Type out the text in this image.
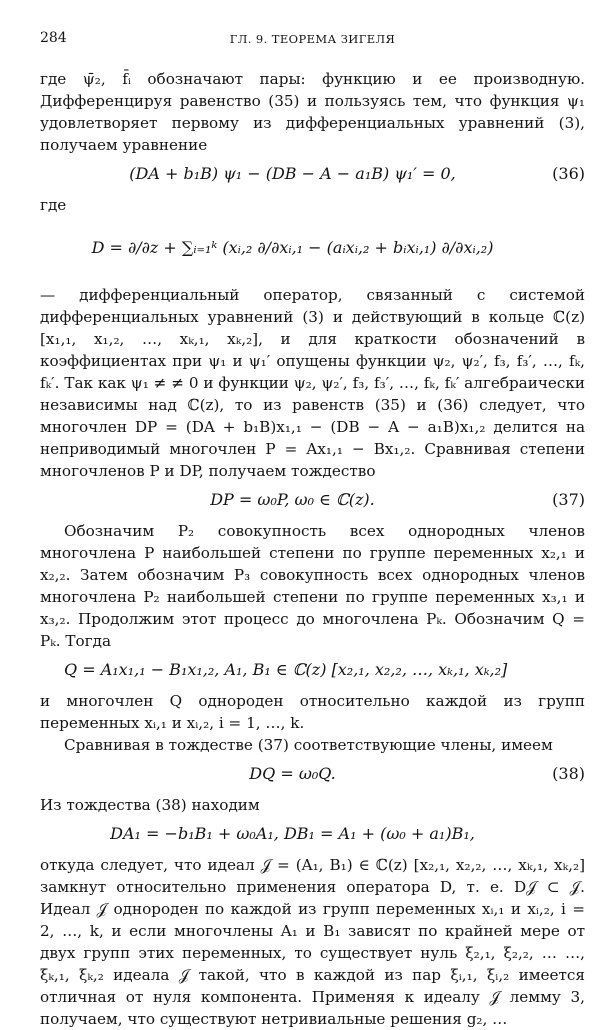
284	ГЛ. 9. ТЕОРЕМА ЗИГЕЛЯ

где ψ̄₂, f̄ᵢ обозначают пары: функцию и ее производную. Дифференцируя равенство (35) и пользуясь тем, что функция ψ₁ удовлетворяет первому из дифференциальных уравнений (3), получаем уравнение

(DA + b₁B) ψ₁ − (DB − A − a₁B) ψ₁′ = 0,	(36)

где

D = ∂/∂z + ∑ᵢ₌₁ᵏ (xᵢ,₂ ∂/∂xᵢ,₁ − (aᵢxᵢ,₂ + bᵢxᵢ,₁) ∂/∂xᵢ,₂)

— дифференциальный оператор, связанный с системой дифференциальных уравнений (3) и действующий в кольце ℂ(z) [x₁,₁, x₁,₂, …, xₖ,₁, xₖ,₂], и для краткости обозначений в коэффициентах при ψ₁ и ψ₁′ опущены функции ψ₂, ψ₂′, f₃, f₃′, …, fₖ, fₖ′. Так как ψ₁ ≠ ≠ 0 и функции ψ₂, ψ₂′, f₃, f₃′, …, fₖ, fₖ′ алгебраически независимы над ℂ(z), то из равенств (35) и (36) следует, что многочлен DP = (DA + b₁B)x₁,₁ − (DB − A − a₁B)x₁,₂ делится на неприводимый многочлен P = Ax₁,₁ − Bx₁,₂. Сравнивая степени многочленов P и DP, получаем тождество

DP = ω₀P, ω₀ ∈ ℂ(z).	(37)

Обозначим P₂ совокупность всех однородных членов многочлена P наибольшей степени по группе переменных x₂,₁ и x₂,₂. Затем обозначим P₃ совокупность всех однородных членов многочлена P₂ наибольшей степени по группе переменных x₃,₁ и x₃,₂. Продолжим этот процесс до многочлена Pₖ. Обозначим Q = Pₖ. Тогда

Q = A₁x₁,₁ − B₁x₁,₂, A₁, B₁ ∈ ℂ(z) [x₂,₁, x₂,₂, …, xₖ,₁, xₖ,₂]

и многочлен Q однороден относительно каждой из групп переменных xᵢ,₁ и xᵢ,₂, i = 1, …, k.

Сравнивая в тождестве (37) соответствующие члены, имеем

DQ = ω₀Q.	(38)

Из тождества (38) находим

DA₁ = −b₁B₁ + ω₀A₁, DB₁ = A₁ + (ω₀ + a₁)B₁,

откуда следует, что идеал 𝒥 = (A₁, B₁) ∈ ℂ(z) [x₂,₁, x₂,₂, …, xₖ,₁, xₖ,₂] замкнут относительно применения оператора D, т. е. D𝒥 ⊂ 𝒥. Идеал 𝒥 однороден по каждой из групп переменных xᵢ,₁ и xᵢ,₂, i = 2, …, k, и если многочлены A₁ и B₁ зависят по крайней мере от двух групп этих переменных, то существует нуль ξ₂,₁, ξ₂,₂, … …, ξₖ,₁, ξₖ,₂ идеала 𝒥 такой, что в каждой из пар ξᵢ,₁, ξᵢ,₂ имеется отличная от нуля компонента. Применяя к идеалу 𝒥 лемму 3, получаем, что существуют нетривиальные решения g₂, …
